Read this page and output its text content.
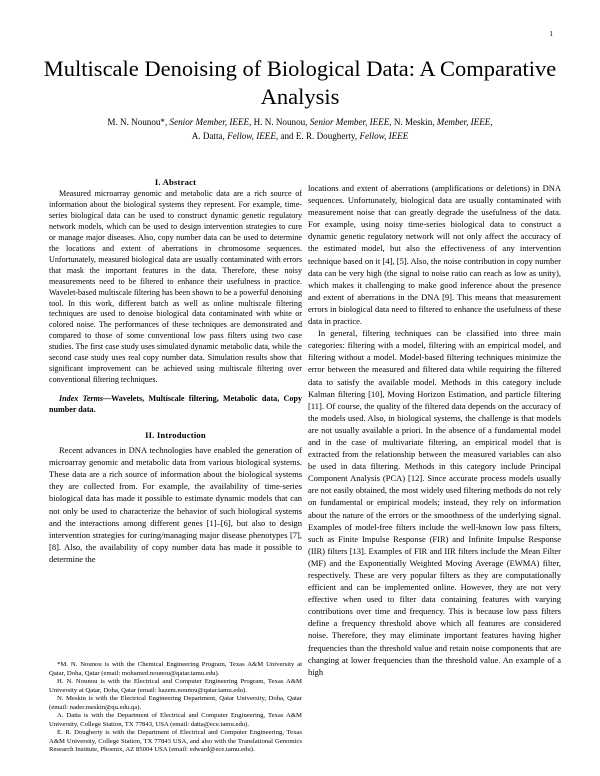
1
Multiscale Denoising of Biological Data: A Comparative Analysis
M. N. Nounou*, Senior Member, IEEE, H. N. Nounou, Senior Member, IEEE, N. Meskin, Member, IEEE,
A. Datta, Fellow, IEEE, and E. R. Dougherty, Fellow, IEEE
I. Abstract

Measured microarray genomic and metabolic data are a rich source of information about the biological systems they represent. For example, time-series biological data can be used to construct dynamic genetic regulatory network models, which can be used to design intervention strategies to cure or manage major diseases. Also, copy number data can be used to determine the locations and extent of aberrations in chromosome sequences. Unfortunately, measured biological data are usually contaminated with errors that mask the important features in the data. Therefore, these noisy measurements need to be filtered to enhance their usefulness in practice. Wavelet-based multiscale filtering has been shown to be a powerful denoising tool. In this work, different batch as well as online multiscale filtering techniques are used to denoise biological data contaminated with white or colored noise. The performances of these techniques are demonstrated and compared to those of some conventional low pass filters using two case studies. The first case study uses simulated dynamic metabolic data, while the second case study uses real copy number data. Simulation results show that significant improvement can be achieved using multiscale filtering over conventional filtering techniques.

Index Terms—Wavelets, Multiscale filtering, Metabolic data, Copy number data.

II. Introduction

Recent advances in DNA technologies have enabled the generation of microarray genomic and metabolic data from various biological systems. These data are a rich source of information about the biological systems they are collected from. For example, the availability of time-series biological data has made it possible to estimate dynamic models that can not only be used to characterize the behavior of such biological systems and the interactions among different genes [1]–[6], but also to design intervention strategies for curing/managing major disease phenotypes [7], [8]. Also, the availability of copy number data has made it possible to determine the

locations and extent of aberrations (amplifications or deletions) in DNA sequences. Unfortunately, biological data are usually contaminated with measurement noise that can greatly degrade the usefulness of the data. For example, using noisy time-series biological data to construct a dynamic genetic regulatory network will not only affect the accuracy of the estimated model, but also the effectiveness of any intervention technique based on it [4], [5]. Also, the noise contribution in copy number data can be very high (the signal to noise ratio can reach as low as unity), which makes it challenging to make good inference about the presence and extent of aberrations in the DNA [9]. This means that measurement errors in biological data need to filtered to enhance the usefulness of these data in practice.

In general, filtering techniques can be classified into three main categories: filtering with a model, filtering with an empirical model, and filtering without a model. Model-based filtering techniques minimize the error between the measured and filtered data while requiring the filtered data to satisfy the available model. Methods in this category include Kalman filtering [10], Moving Horizon Estimation, and particle filtering [11]. Of course, the quality of the filtered data depends on the accuracy of the models used. Also, in biological systems, the challenge is that models are not usually available a priori. In the absence of a fundamental model and in the case of multivariate filtering, an empirical model that is extracted from the relationship between the measured variables can also be used in data filtering. Methods in this category include Principal Component Analysis (PCA) [12]. Since accurate process models usually are not easily obtained, the most widely used filtering methods do not rely on fundamental or empirical models; instead, they rely on information about the nature of the errors or the smoothness of the underlying signal. Examples of model-free filters include the well-known low pass filters, such as Finite Impulse Response (FIR) and Infinite Impulse Response (IIR) filters [13]. Examples of FIR and IIR filters include the Mean Filter (MF) and the Exponentially Weighted Moving Average (EWMA) filter, respectively. These are very popular filters as they are computationally efficient and can be implemented online. However, they are not very effective when used to filter data containing features with varying contributions over time and frequency. This is because low pass filters define a frequency threshold above which all features are considered noise. Therefore, they may eliminate important features having higher frequencies than the threshold value and retain noise components that are changing at lower frequencies than the threshold value. An example of a high

*M. N. Nounou is with the Chemical Engineering Program, Texas A&M University at Qatar, Doha, Qatar (email: mohamed.nounou@qatar.tamu.edu).

H. N. Nounou is with the Electrical and Computer Engineering Program, Texas A&M University at Qatar, Doha, Qatar (email: hazem.nounou@qatar.tamu.edu).

N. Meskin is with the Electrical Engineering Department, Qatar University, Doha, Qatar (email: nader.meskin@qu.edu.qa).

A. Datta is with the Department of Electrical and Computer Engineering, Texas A&M University, College Station, TX 77843, USA (email: datta@ece.tamu.edu).

E. R. Dougherty is with the Department of Electrical and Computer Engineering, Texas A&M University, College Station, TX 77843 USA, and also with the Translational Genomics Research Institute, Phoenix, AZ 85004 USA (email: edward@ece.tamu.edu).
